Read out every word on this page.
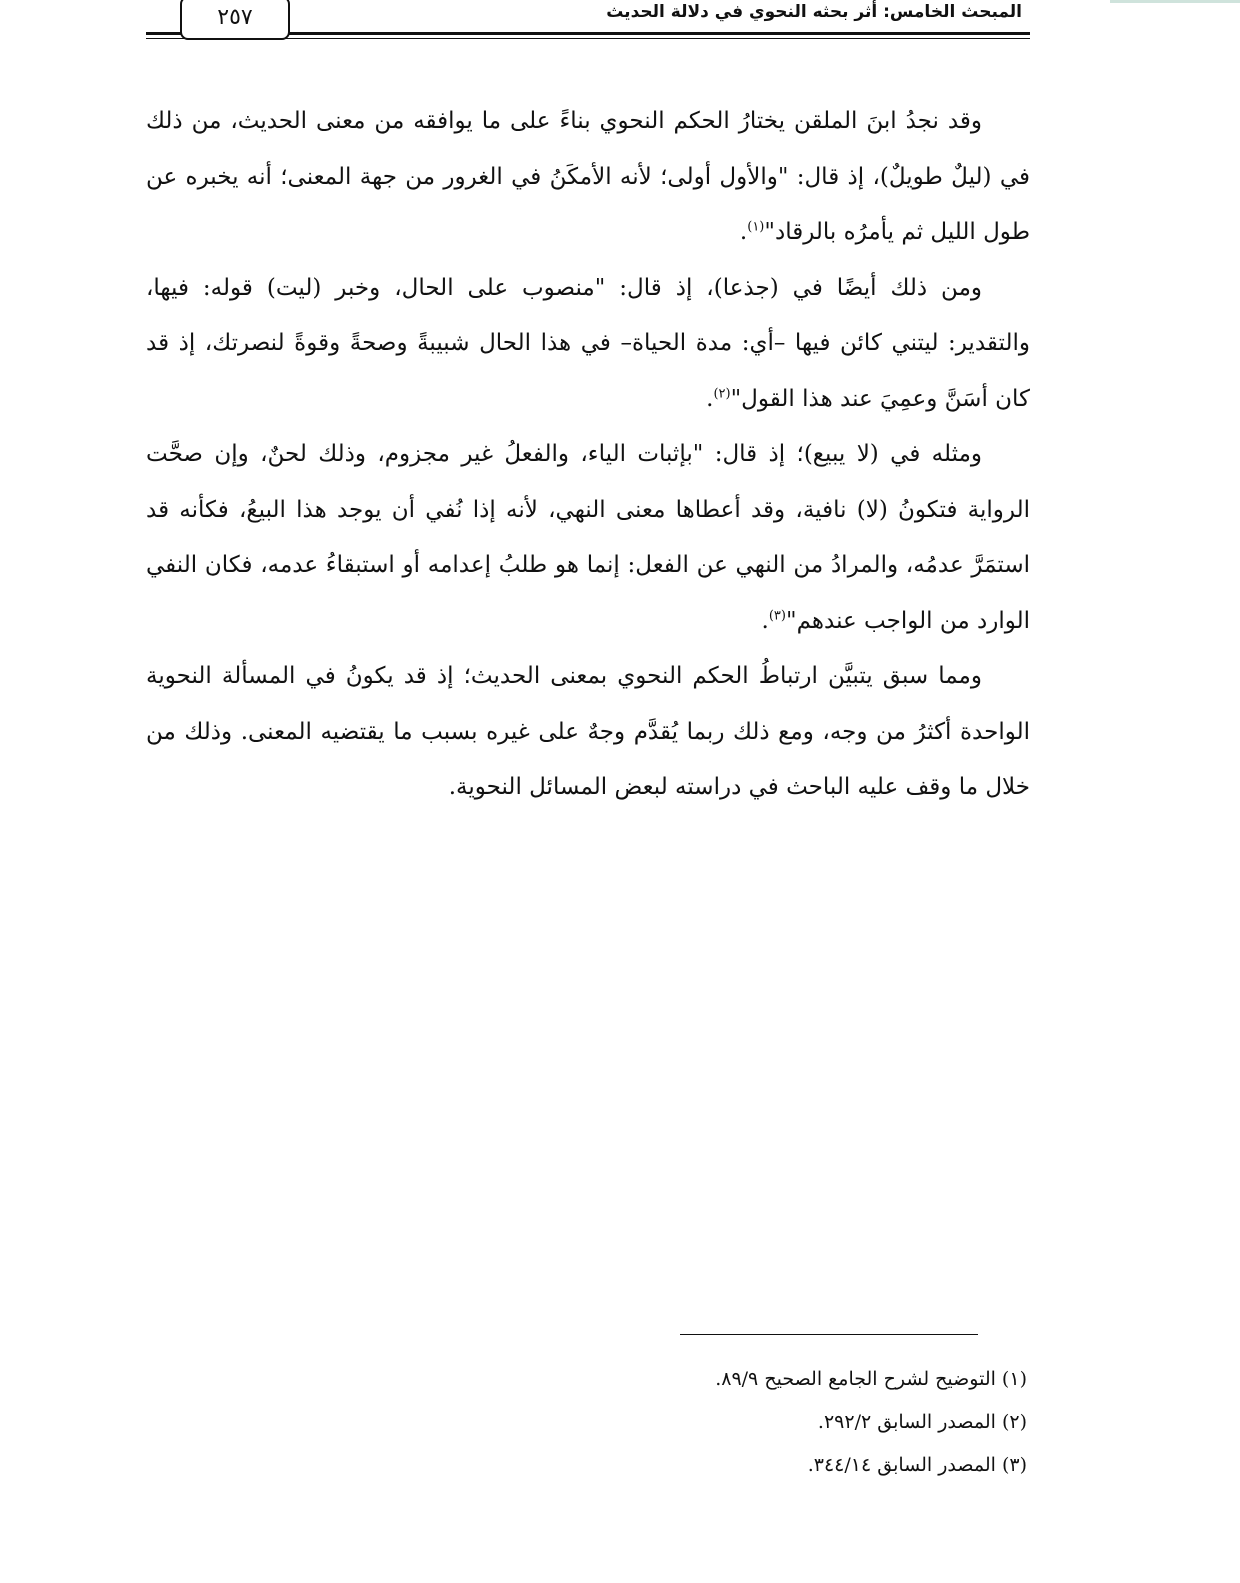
٢٥٧	المبحث الخامس: أثر بحثه النحوي في دلالة الحديث

وقد نجدُ ابنَ الملقن يختارُ الحكم النحوي بناءً على ما يوافقه من معنى الحديث، من ذلك في (ليلٌ طويلٌ)، إذ قال: "والأول أولى؛ لأنه الأمكَنُ في الغرور من جهة المعنى؛ أنه يخبره عن طول الليل ثم يأمرُه بالرقاد"$^{(١)}$.

ومن ذلك أيضًا في (جذعا)، إذ قال: "منصوب على الحال، وخبر (ليت) قوله: فيها، والتقدير: ليتني كائن فيها –أي: مدة الحياة– في هذا الحال شبيبةً وصحةً وقوةً لنصرتك، إذ قد كان أسَنَّ وعمِيَ عند هذا القول"$^{(٢)}$.

ومثله في (لا يبيع)؛ إذ قال: "بإثبات الياء، والفعلُ غير مجزوم، وذلك لحنٌ، وإن صحَّت الرواية فتكونُ (لا) نافية، وقد أعطاها معنى النهي، لأنه إذا نُفي أن يوجد هذا البيعُ، فكأنه قد استمَرَّ عدمُه، والمرادُ من النهي عن الفعل: إنما هو طلبُ إعدامه أو استبقاءُ عدمه، فكان النفي الوارد من الواجب عندهم"$^{(٣)}$.

ومما سبق يتبيَّن ارتباطُ الحكم النحوي بمعنى الحديث؛ إذ قد يكونُ في المسألة النحوية الواحدة أكثرُ من وجه، ومع ذلك ربما يُقدَّم وجهٌ على غيره بسبب ما يقتضيه المعنى. وذلك من خلال ما وقف عليه الباحث في دراسته لبعض المسائل النحوية.

(١) التوضيح لشرح الجامع الصحيح ٨٩/٩.

(٢) المصدر السابق ٢٩٢/٢.

(٣) المصدر السابق ٣٤٤/١٤.
